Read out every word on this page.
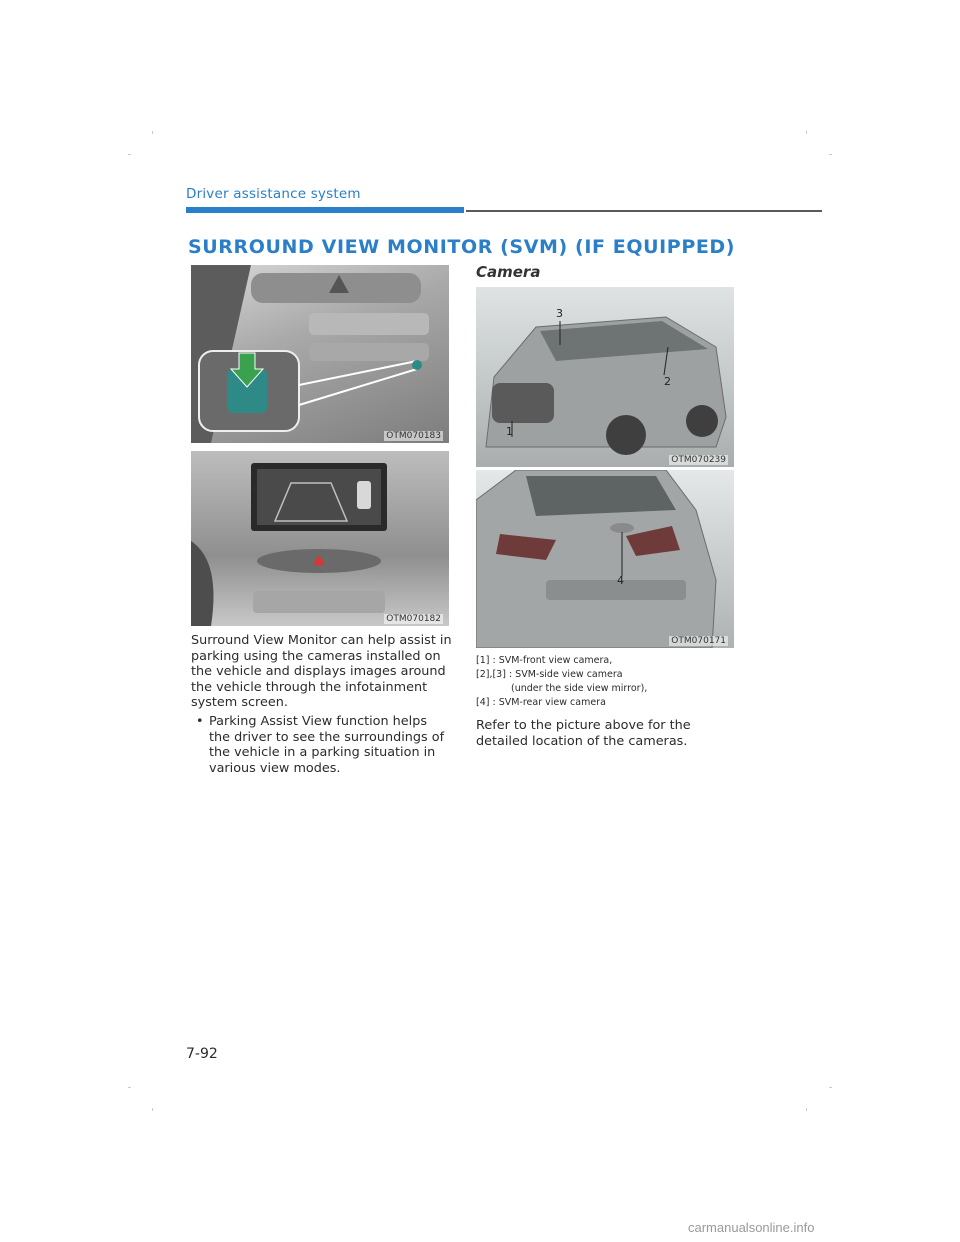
Driver assistance system
SURROUND VIEW MONITOR (SVM) (IF EQUIPPED)
OTM070183
OTM070182
Surround View Monitor can help assist in
parking using the cameras installed on
the vehicle and displays images around
the vehicle through the infotainment
system screen.
• Parking Assist View function helps
the driver to see the surroundings of
the vehicle in a parking situation in
various view modes.
Camera
1
3
2
OTM070239
4
OTM070171
[1] : SVM-front view camera,
[2],[3] : SVM-side view camera
(under the side view mirror),
[4] : SVM-rear view camera
Refer to the picture above for the
detailed location of the cameras.
7-92
carmanualsonline.info
